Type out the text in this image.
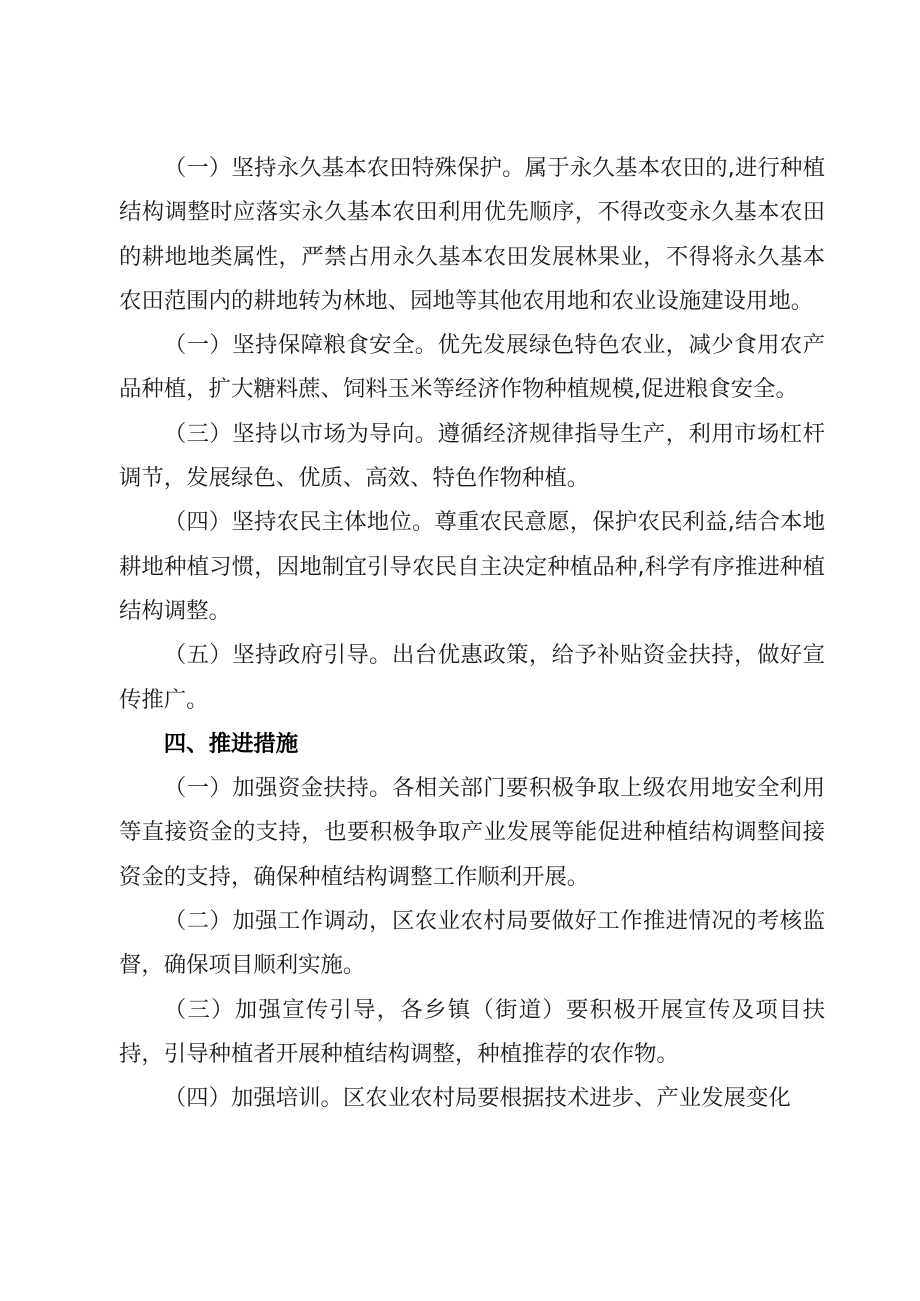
（一）坚持永久基本农田特殊保护。属于永久基本农田的,进行种植结构调整时应落实永久基本农田利用优先顺序，不得改变永久基本农田的耕地地类属性，严禁占用永久基本农田发展林果业，不得将永久基本农田范围内的耕地转为林地、园地等其他农用地和农业设施建设用地。

（一）坚持保障粮食安全。优先发展绿色特色农业，减少食用农产品种植，扩大糖料蔗、饲料玉米等经济作物种植规模,促进粮食安全。

（三）坚持以市场为导向。遵循经济规律指导生产，利用市场杠杆调节，发展绿色、优质、高效、特色作物种植。

（四）坚持农民主体地位。尊重农民意愿，保护农民利益,结合本地耕地种植习惯，因地制宜引导农民自主决定种植品种,科学有序推进种植结构调整。

（五）坚持政府引导。出台优惠政策，给予补贴资金扶持，做好宣传推广。

四、推进措施

（一）加强资金扶持。各相关部门要积极争取上级农用地安全利用等直接资金的支持，也要积极争取产业发展等能促进种植结构调整间接资金的支持，确保种植结构调整工作顺利开展。

（二）加强工作调动，区农业农村局要做好工作推进情况的考核监督，确保项目顺利实施。

（三）加强宣传引导，各乡镇（街道）要积极开展宣传及项目扶持，引导种植者开展种植结构调整，种植推荐的农作物。

（四）加强培训。区农业农村局要根据技术进步、产业发展变化
